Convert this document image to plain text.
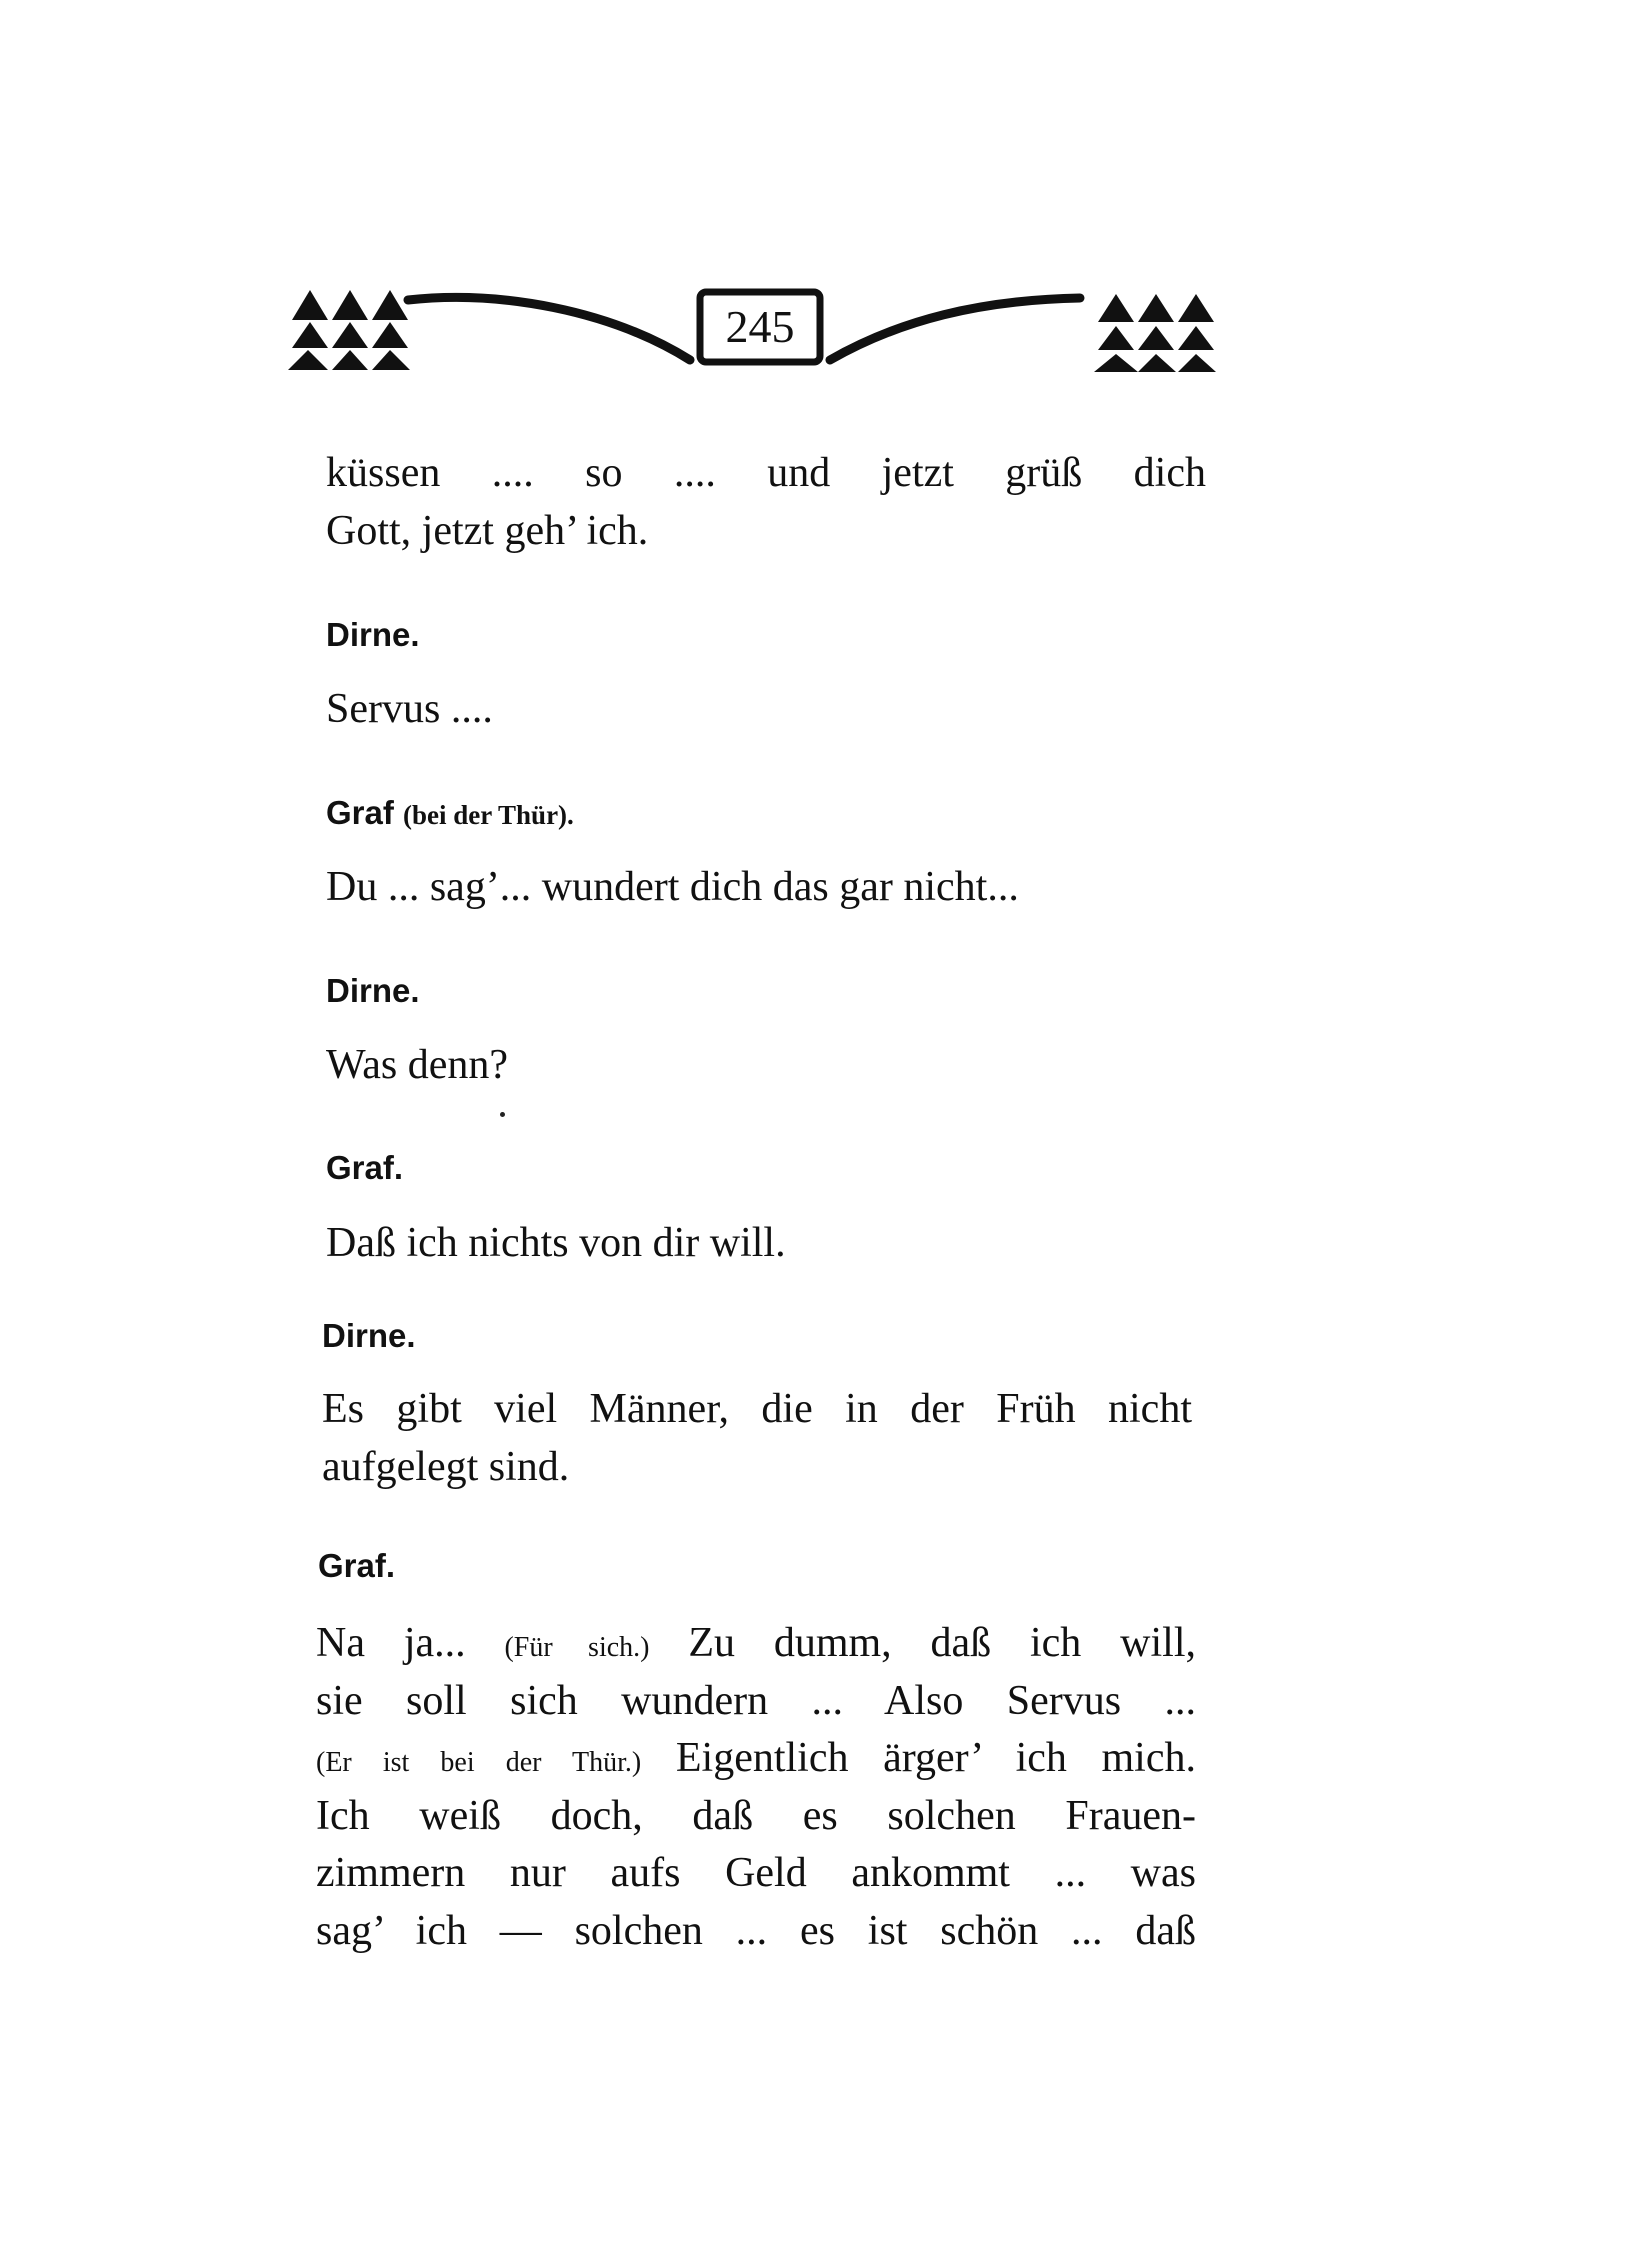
245
küssen .... so .... und jetzt grüß dich
Gott, jetzt geh’ ich.
Dirne.
Servus ....
Graf (bei der Thür).
Du ... sag’... wundert dich das gar nicht...
Dirne.
Was denn?
Graf.
Daß ich nichts von dir will.
Dirne.
Es gibt viel Männer, die in der Früh nicht
aufgelegt sind.
Graf.
Na ja... (Für sich.) Zu dumm, daß ich will,
sie soll sich wundern ... Also Servus ...
(Er ist bei der Thür.) Eigentlich ärger’ ich mich.
Ich weiß doch, daß es solchen Frauen-
zimmern nur aufs Geld ankommt ... was
sag’ ich — solchen ... es ist schön ... daß
